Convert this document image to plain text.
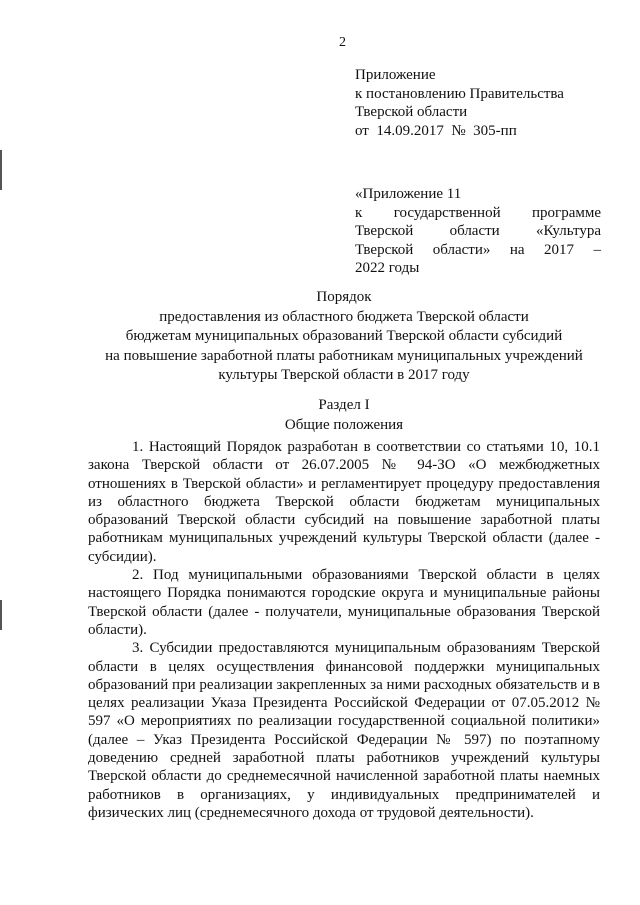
2
Приложение
к постановлению Правительства
Тверской области
от  14.09.2017  №  305-пп
«Приложение 11
к государственной программе
Тверской области «Культура
Тверской области» на 2017 –
2022 годы
Порядок
предоставления из областного бюджета Тверской области
бюджетам муниципальных образований Тверской области субсидий
на повышение заработной платы работникам муниципальных учреждений
культуры Тверской области в 2017 году
Раздел I
Общие положения

1. Настоящий Порядок разработан в соответствии со статьями 10, 10.1 закона Тверской области от 26.07.2005 № 94-ЗО «О межбюджетных отношениях в Тверской области» и регламентирует процедуру предоставления из областного бюджета Тверской области бюджетам муниципальных образований Тверской области субсидий на повышение заработной платы работникам муниципальных учреждений культуры Тверской области (далее - субсидии).

2. Под муниципальными образованиями Тверской области в целях настоящего Порядка понимаются городские округа и муниципальные районы Тверской области (далее - получатели, муниципальные образования Тверской области).

3. Субсидии предоставляются муниципальным образованиям Тверской области в целях осуществления финансовой поддержки муниципальных образований при реализации закрепленных за ними расходных обязательств и в целях реализации Указа Президента Российской Федерации от 07.05.2012 № 597 «О мероприятиях по реализации государственной социальной политики» (далее – Указ Президента Российской Федерации № 597) по поэтапному доведению средней заработной платы работников учреждений культуры Тверской области до среднемесячной начисленной заработной платы наемных работников в организациях, у индивидуальных предпринимателей и физических лиц (среднемесячного дохода от трудовой деятельности).
